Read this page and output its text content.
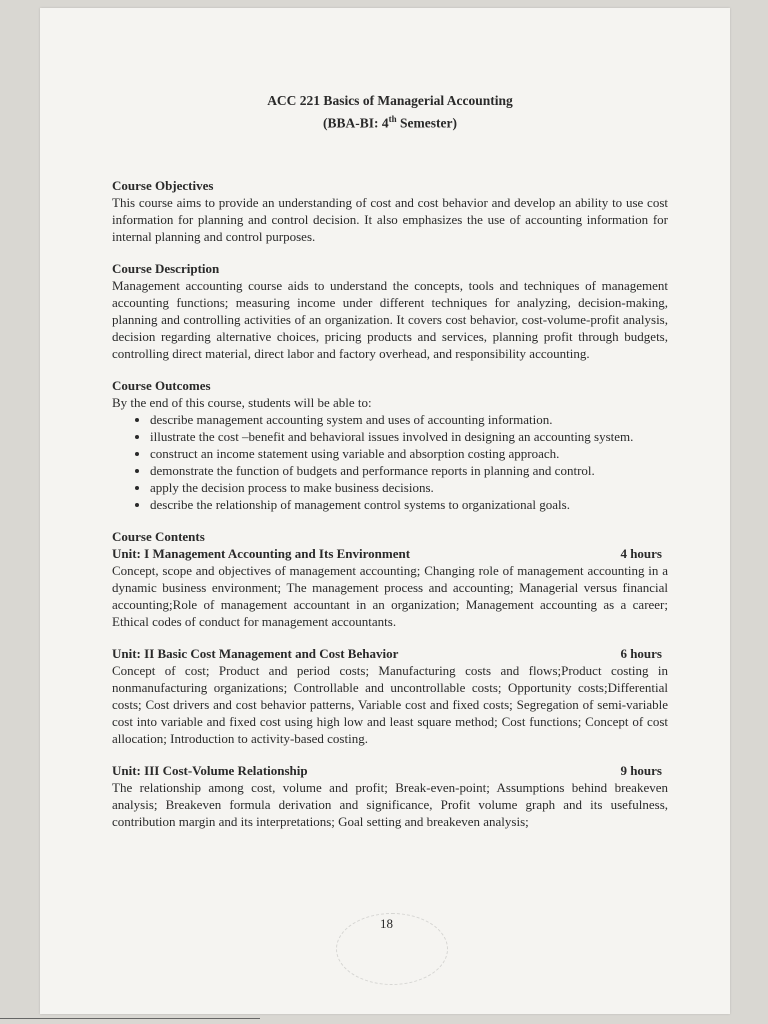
ACC 221 Basics of Managerial Accounting
(BBA-BI: 4th Semester)
Course Objectives
This course aims to provide an understanding of cost and cost behavior and develop an ability to use cost information for planning and control decision. It also emphasizes the use of accounting information for internal planning and control purposes.
Course Description
Management accounting course aids to understand the concepts, tools and techniques of management accounting functions; measuring income under different techniques for analyzing, decision-making, planning and controlling activities of an organization. It covers cost behavior, cost-volume-profit analysis, decision regarding alternative choices, pricing products and services, planning profit through budgets, controlling direct material, direct labor and factory overhead, and responsibility accounting.
Course Outcomes
By the end of this course, students will be able to:
• describe management accounting system and uses of accounting information.
• illustrate the cost –benefit and behavioral issues involved in designing an accounting system.
• construct an income statement using variable and absorption costing approach.
• demonstrate the function of budgets and performance reports in planning and control.
• apply the decision process to make business decisions.
• describe the relationship of management control systems to organizational goals.
Course Contents
Unit: I Management Accounting and Its Environment	4 hours
Concept, scope and objectives of management accounting; Changing role of management accounting in a dynamic business environment; The management process and accounting; Managerial versus financial accounting;Role of management accountant in an organization; Management accounting as a career; Ethical codes of conduct for management accountants.
Unit: II Basic Cost Management and Cost Behavior	6 hours
Concept of cost; Product and period costs; Manufacturing costs and flows;Product costing in nonmanufacturing organizations; Controllable and uncontrollable costs; Opportunity costs;Differential costs; Cost drivers and cost behavior patterns, Variable cost and fixed costs; Segregation of semi-variable cost into variable and fixed cost using high low and least square method; Cost functions; Concept of cost allocation; Introduction to activity-based costing.
Unit: III Cost-Volume Relationship	9 hours
The relationship among cost, volume and profit; Break-even-point; Assumptions behind breakeven analysis; Breakeven formula derivation and significance, Profit volume graph and its usefulness, contribution margin and its interpretations; Goal setting and breakeven analysis;
18
